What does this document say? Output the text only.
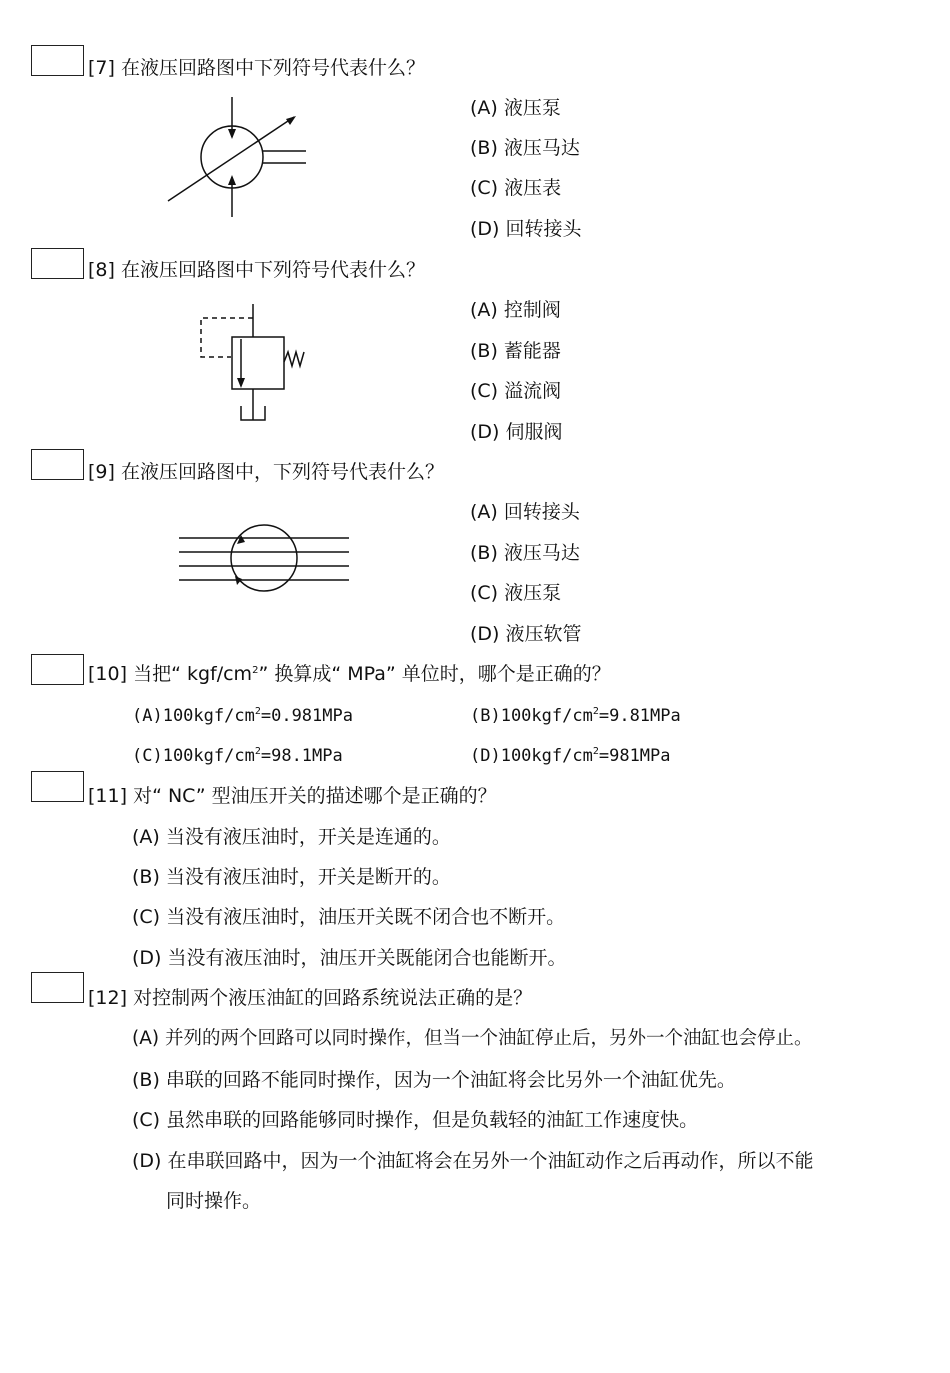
[7] 在液压回路图中下列符号代表什么？
(A) 液压泵
(B) 液压马达
(C) 液压表
(D) 回转接头
[8] 在液压回路图中下列符号代表什么？
(A) 控制阀
(B) 蓄能器
(C) 溢流阀
(D) 伺服阀
[9] 在液压回路图中，下列符号代表什么？
(A) 回转接头
(B) 液压马达
(C) 液压泵
(D) 液压软管
[10] 当把“ kgf/$cm^2$” 换算成“ MPa” 单位时，哪个是正确的？
$(A)100kgf/cm^2=0.981MPa$	$(B)100kgf/cm^2=9.81MPa$
$(C)100kgf/cm^2=98.1MPa$	$(D)100kgf/cm^2=981MPa$
[11] 对“ NC” 型油压开关的描述哪个是正确的？
(A) 当没有液压油时，开关是连通的。
(B) 当没有液压油时，开关是断开的。
(C) 当没有液压油时，油压开关既不闭合也不断开。
(D) 当没有液压油时，油压开关既能闭合也能断开。
[12] 对控制两个液压油缸的回路系统说法正确的是？
(A) 并列的两个回路可以同时操作，但当一个油缸停止后，另外一个油缸也会停止。
(B) 串联的回路不能同时操作，因为一个油缸将会比另外一个油缸优先。
(C) 虽然串联的回路能够同时操作，但是负载轻的油缸工作速度快。
(D) 在串联回路中，因为一个油缸将会在另外一个油缸动作之后再动作，所以不能
同时操作。
